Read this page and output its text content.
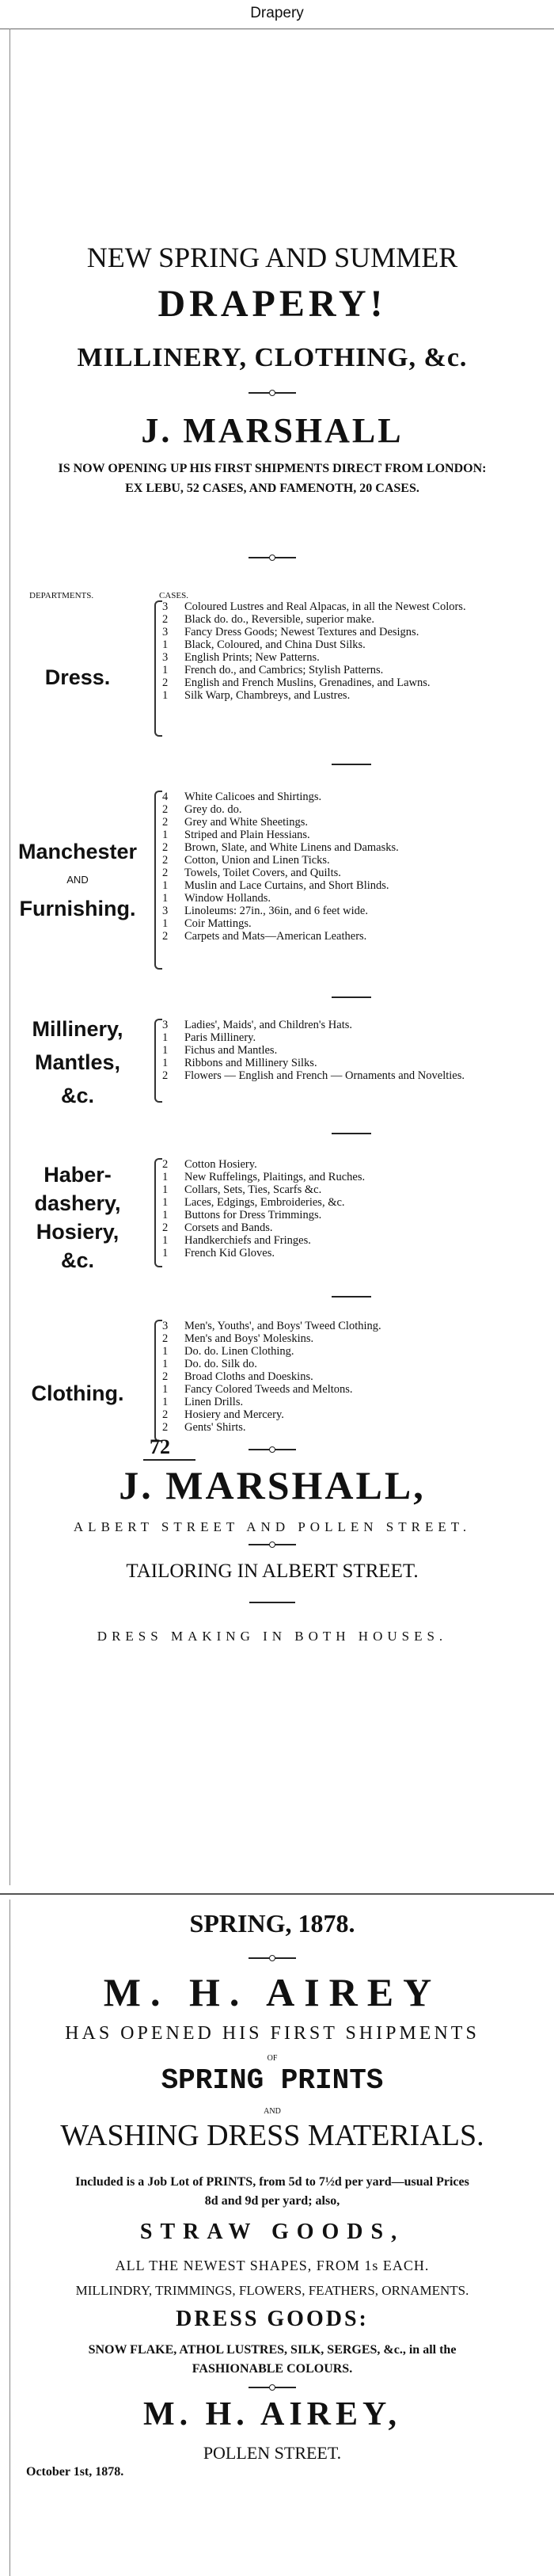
Drapery
NEW SPRING AND SUMMER
DRAPERY!
MILLINERY, CLOTHING, &c.
J. MARSHALL
IS NOW OPENING UP HIS FIRST SHIPMENTS DIRECT FROM LONDON:
EX LEBU, 52 CASES, AND FAMENOTH, 20 CASES.
DEPARTMENTS.	CASES.
Dress.
3	Coloured Lustres and Real Alpacas, in all the Newest Colors.
2	Black do. do., Reversible, superior make.
3	Fancy Dress Goods; Newest Textures and Designs.
1	Black, Coloured, and China Dust Silks.
3	English Prints; New Patterns.
1	French do., and Cambrics; Stylish Patterns.
2	English and French Muslins, Grenadines, and Lawns.
1	Silk Warp, Chambreys, and Lustres.
Manchester
AND
Furnishing.
4	White Calicoes and Shirtings.
2	Grey do. do.
2	Grey and White Sheetings.
1	Striped and Plain Hessians.
2	Brown, Slate, and White Linens and Damasks.
2	Cotton, Union and Linen Ticks.
2	Towels, Toilet Covers, and Quilts.
1	Muslin and Lace Curtains, and Short Blinds.
1	Window Hollands.
3	Linoleums: 27in., 36in, and 6 feet wide.
1	Coir Mattings.
2	Carpets and Mats—American Leathers.
Millinery,
Mantles,
&c.
3	Ladies', Maids', and Children's Hats.
1	Paris Millinery.
1	Fichus and Mantles.
1	Ribbons and Millinery Silks.
2	Flowers — English and French — Ornaments and Novelties.
Haber-
dashery,
Hosiery,
&c.
2	Cotton Hosiery.
1	New Ruffelings, Plaitings, and Ruches.
1	Collars, Sets, Ties, Scarfs &c.
1	Laces, Edgings, Embroideries, &c.
1	Buttons for Dress Trimmings.
2	Corsets and Bands.
1	Handkerchiefs and Fringes.
1	French Kid Gloves.
Clothing.
3	Men's, Youths', and Boys' Tweed Clothing.
2	Men's and Boys' Moleskins.
1	Do. do. Linen Clothing.
1	Do. do. Silk do.
2	Broad Cloths and Doeskins.
1	Fancy Colored Tweeds and Meltons.
1	Linen Drills.
2	Hosiery and Mercery.
2	Gents' Shirts.
72
J. MARSHALL,
ALBERT STREET AND POLLEN STREET.
TAILORING IN ALBERT STREET.
DRESS MAKING IN BOTH HOUSES.
SPRING, 1878.
M. H. AIREY
HAS OPENED HIS FIRST SHIPMENTS
OF
SPRING PRINTS
AND
WASHING DRESS MATERIALS.
Included is a Job Lot of PRINTS, from 5d to 7½d per yard—usual Prices
8d and 9d per yard; also,
STRAW GOODS,
ALL THE NEWEST SHAPES, FROM 1s EACH.
MILLINDRY, TRIMMINGS, FLOWERS, FEATHERS, ORNAMENTS.
DRESS GOODS:
SNOW FLAKE, ATHOL LUSTRES, SILK, SERGES, &c., in all the
FASHIONABLE COLOURS.
M. H. AIREY,
POLLEN STREET.
October 1st, 1878.
